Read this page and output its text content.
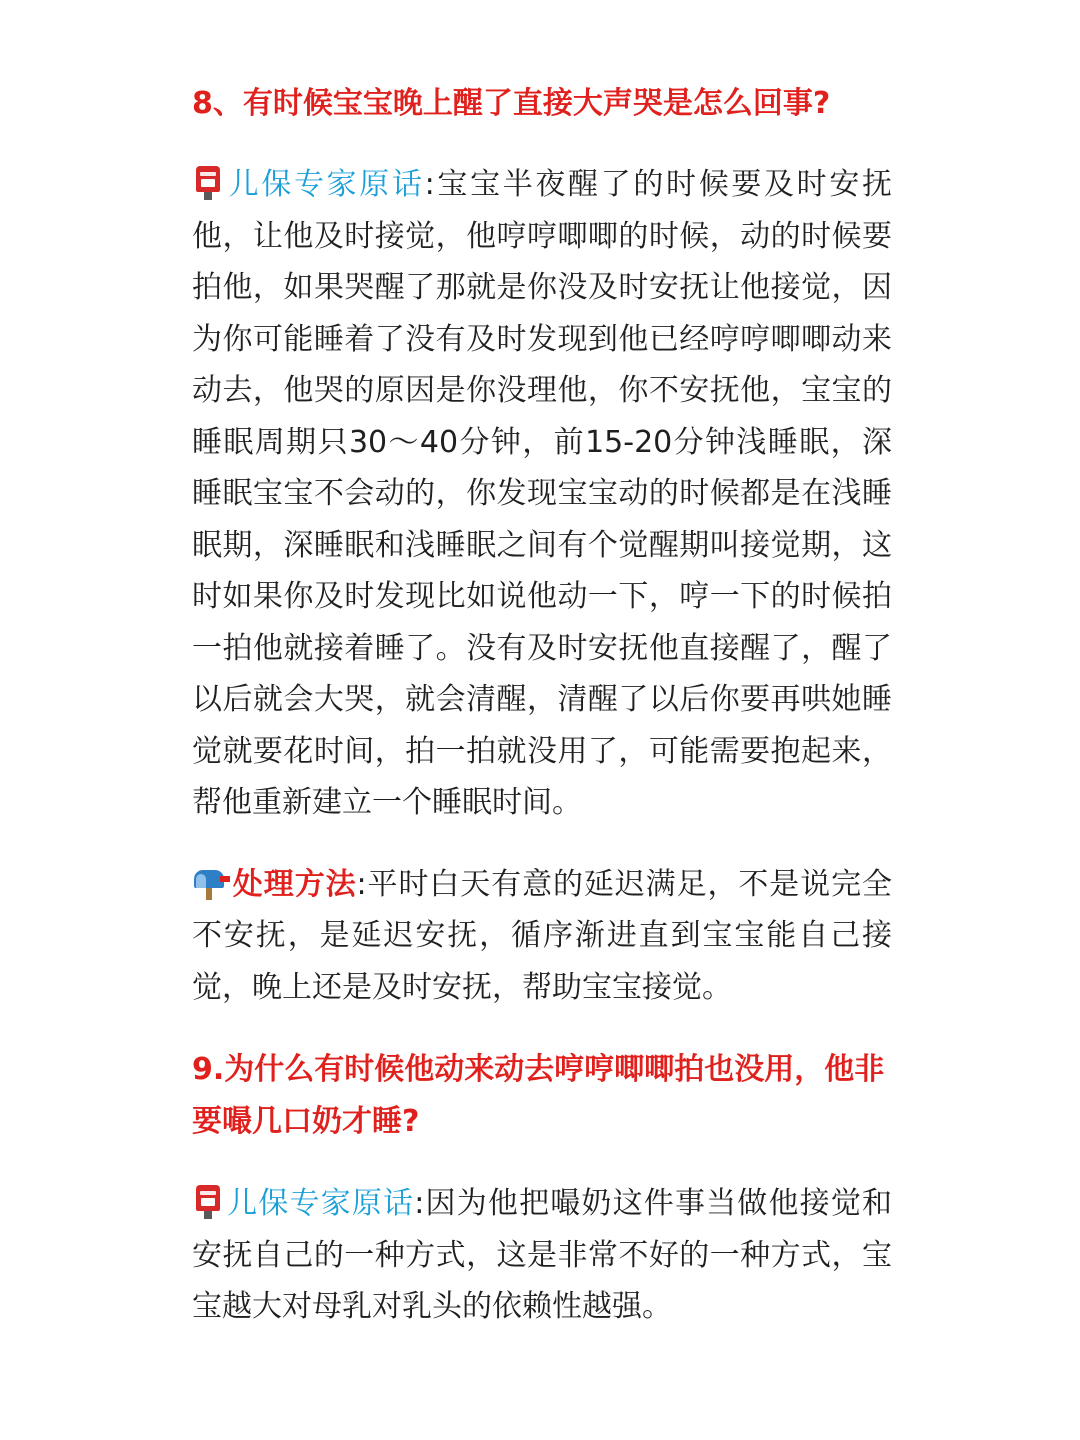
8、有时候宝宝晚上醒了直接大声哭是怎么回事?

儿保专家原话:宝宝半夜醒了的时候要及时安抚他，让他及时接觉，他哼哼唧唧的时候，动的时候要拍他，如果哭醒了那就是你没及时安抚让他接觉，因为你可能睡着了没有及时发现到他已经哼哼唧唧动来动去，他哭的原因是你没理他，你不安抚他，宝宝的睡眠周期只30～40分钟，前15-20分钟浅睡眠，深睡眠宝宝不会动的，你发现宝宝动的时候都是在浅睡眠期，深睡眠和浅睡眠之间有个觉醒期叫接觉期，这时如果你及时发现比如说他动一下，哼一下的时候拍一拍他就接着睡了。没有及时安抚他直接醒了，醒了以后就会大哭，就会清醒，清醒了以后你要再哄她睡觉就要花时间，拍一拍就没用了，可能需要抱起来，帮他重新建立一个睡眠时间。

处理方法:平时白天有意的延迟满足，不是说完全不安抚，是延迟安抚，循序渐进直到宝宝能自己接觉，晚上还是及时安抚，帮助宝宝接觉。

9.为什么有时候他动来动去哼哼唧唧拍也没用，他非要嘬几口奶才睡?

儿保专家原话:因为他把嘬奶这件事当做他接觉和安抚自己的一种方式，这是非常不好的一种方式，宝宝越大对母乳对乳头的依赖性越强。
